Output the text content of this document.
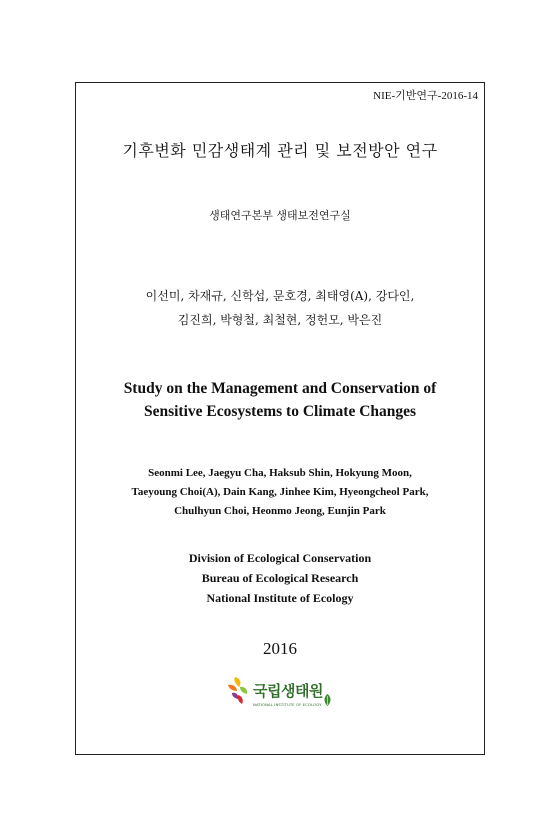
NIE-기반연구-2016-14
기후변화 민감생태계 관리 및 보전방안 연구
생태연구본부 생태보전연구실
이선미, 차재규, 신학섭, 문호경, 최태영(A), 강다인,
김진희, 박형철, 최철현, 정헌모, 박은진
Study on the Management and Conservation of
Sensitive Ecosystems to Climate Changes
Seonmi Lee, Jaegyu Cha, Haksub Shin, Hokyung Moon,
Taeyoung Choi(A), Dain Kang, Jinhee Kim, Hyeongcheol Park,
Chulhyun Choi, Heonmo Jeong, Eunjin Park
Division of Ecological Conservation
Bureau of Ecological Research
National Institute of Ecology
2016
국립생태원
NATIONAL INSTITUTE OF ECOLOGY
